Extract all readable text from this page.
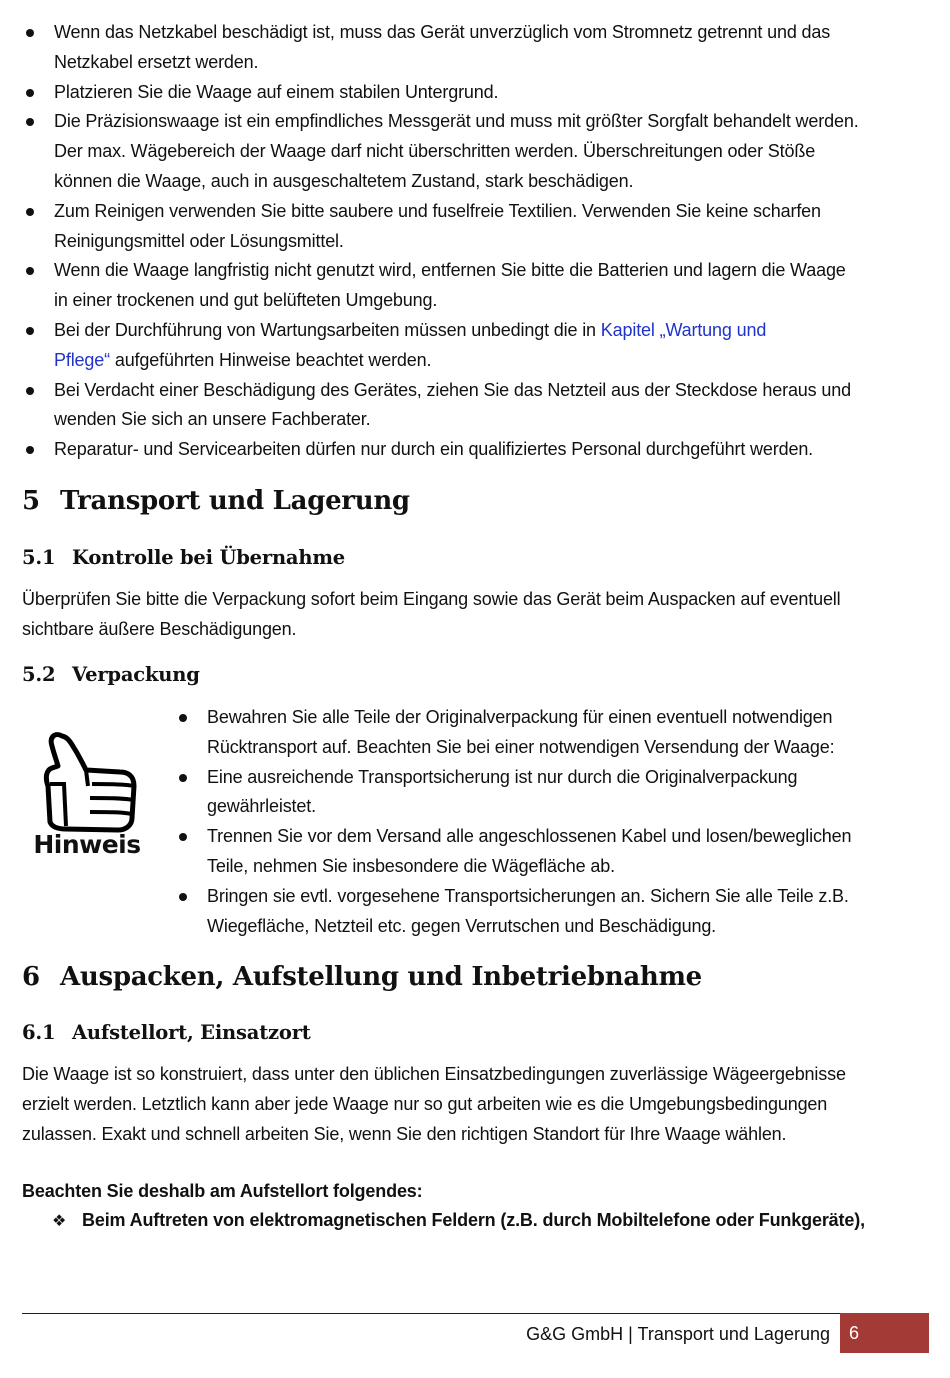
Wenn das Netzkabel beschädigt ist, muss das Gerät unverzüglich vom Stromnetz getrennt und das
Netzkabel ersetzt werden.
Platzieren Sie die Waage auf einem stabilen Untergrund.
Die Präzisionswaage ist ein empfindliches Messgerät und muss mit größter Sorgfalt behandelt werden.
Der max. Wägebereich der Waage darf nicht überschritten werden. Überschreitungen oder Stöße
können die Waage, auch in ausgeschaltetem Zustand, stark beschädigen.
Zum Reinigen verwenden Sie bitte saubere und fuselfreie Textilien. Verwenden Sie keine scharfen
Reinigungsmittel oder Lösungsmittel.
Wenn die Waage langfristig nicht genutzt wird, entfernen Sie bitte die Batterien und lagern die Waage
in einer trockenen und gut belüfteten Umgebung.
Bei der Durchführung von Wartungsarbeiten müssen unbedingt die in Kapitel „Wartung und
Pflege“ aufgeführten Hinweise beachtet werden.
Bei Verdacht einer Beschädigung des Gerätes, ziehen Sie das Netzteil aus der Steckdose heraus und
wenden Sie sich an unsere Fachberater.
Reparatur- und Servicearbeiten dürfen nur durch ein qualifiziertes Personal durchgeführt werden.
5 Transport und Lagerung
5.1 Kontrolle bei Übernahme

Überprüfen Sie bitte die Verpackung sofort beim Eingang sowie das Gerät beim Auspacken auf eventuell
sichtbare äußere Beschädigungen.

5.2 Verpackung
Hinweis
Bewahren Sie alle Teile der Originalverpackung für einen eventuell notwendigen
Rücktransport auf. Beachten Sie bei einer notwendigen Versendung der Waage:
Eine ausreichende Transportsicherung ist nur durch die Originalverpackung
gewährleistet.
Trennen Sie vor dem Versand alle angeschlossenen Kabel und losen/beweglichen
Teile, nehmen Sie insbesondere die Wägefläche ab.
Bringen sie evtl. vorgesehene Transportsicherungen an. Sichern Sie alle Teile z.B.
Wiegefläche, Netzteil etc. gegen Verrutschen und Beschädigung.
6 Auspacken, Aufstellung und Inbetriebnahme
6.1 Aufstellort, Einsatzort

Die Waage ist so konstruiert, dass unter den üblichen Einsatzbedingungen zuverlässige Wägeergebnisse
erzielt werden. Letztlich kann aber jede Waage nur so gut arbeiten wie es die Umgebungsbedingungen
zulassen. Exakt und schnell arbeiten Sie, wenn Sie den richtigen Standort für Ihre Waage wählen.

Beachten Sie deshalb am Aufstellort folgendes:

❖ Beim Auftreten von elektromagnetischen Feldern (z.B. durch Mobiltelefone oder Funkgeräte),
G&G GmbH | Transport und Lagerung	6
